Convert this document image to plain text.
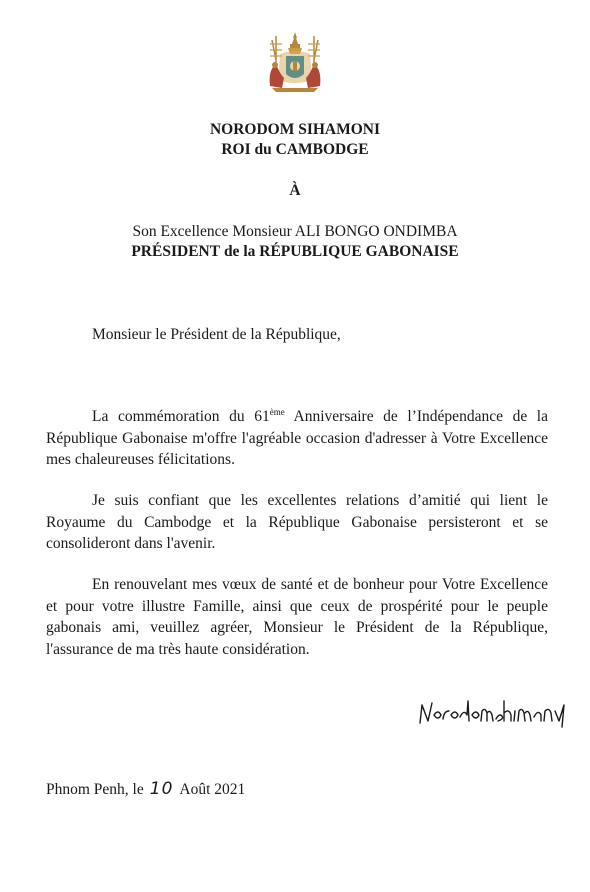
NORODOM SIHAMONI
ROI du CAMBODGE
À
Son Excellence Monsieur ALI BONGO ONDIMBA
PRÉSIDENT de la RÉPUBLIQUE GABONAISE
Monsieur le Président de la République,

La commémoration du 61ème Anniversaire de l’Indépendance de la République Gabonaise m'offre l'agréable occasion d'adresser à Votre Excellence mes chaleureuses félicitations.

Je suis confiant que les excellentes relations d’amitié qui lient le Royaume du Cambodge et la République Gabonaise persisteront et se consolideront dans l'avenir.

En renouvelant mes vœux de santé et de bonheur pour Votre Excellence et pour votre illustre Famille, ainsi que ceux de prospérité pour le peuple gabonais ami, veuillez agréer, Monsieur le Président de la République, l'assurance de ma très haute considération.

Phnom Penh, le 10 Août 2021
